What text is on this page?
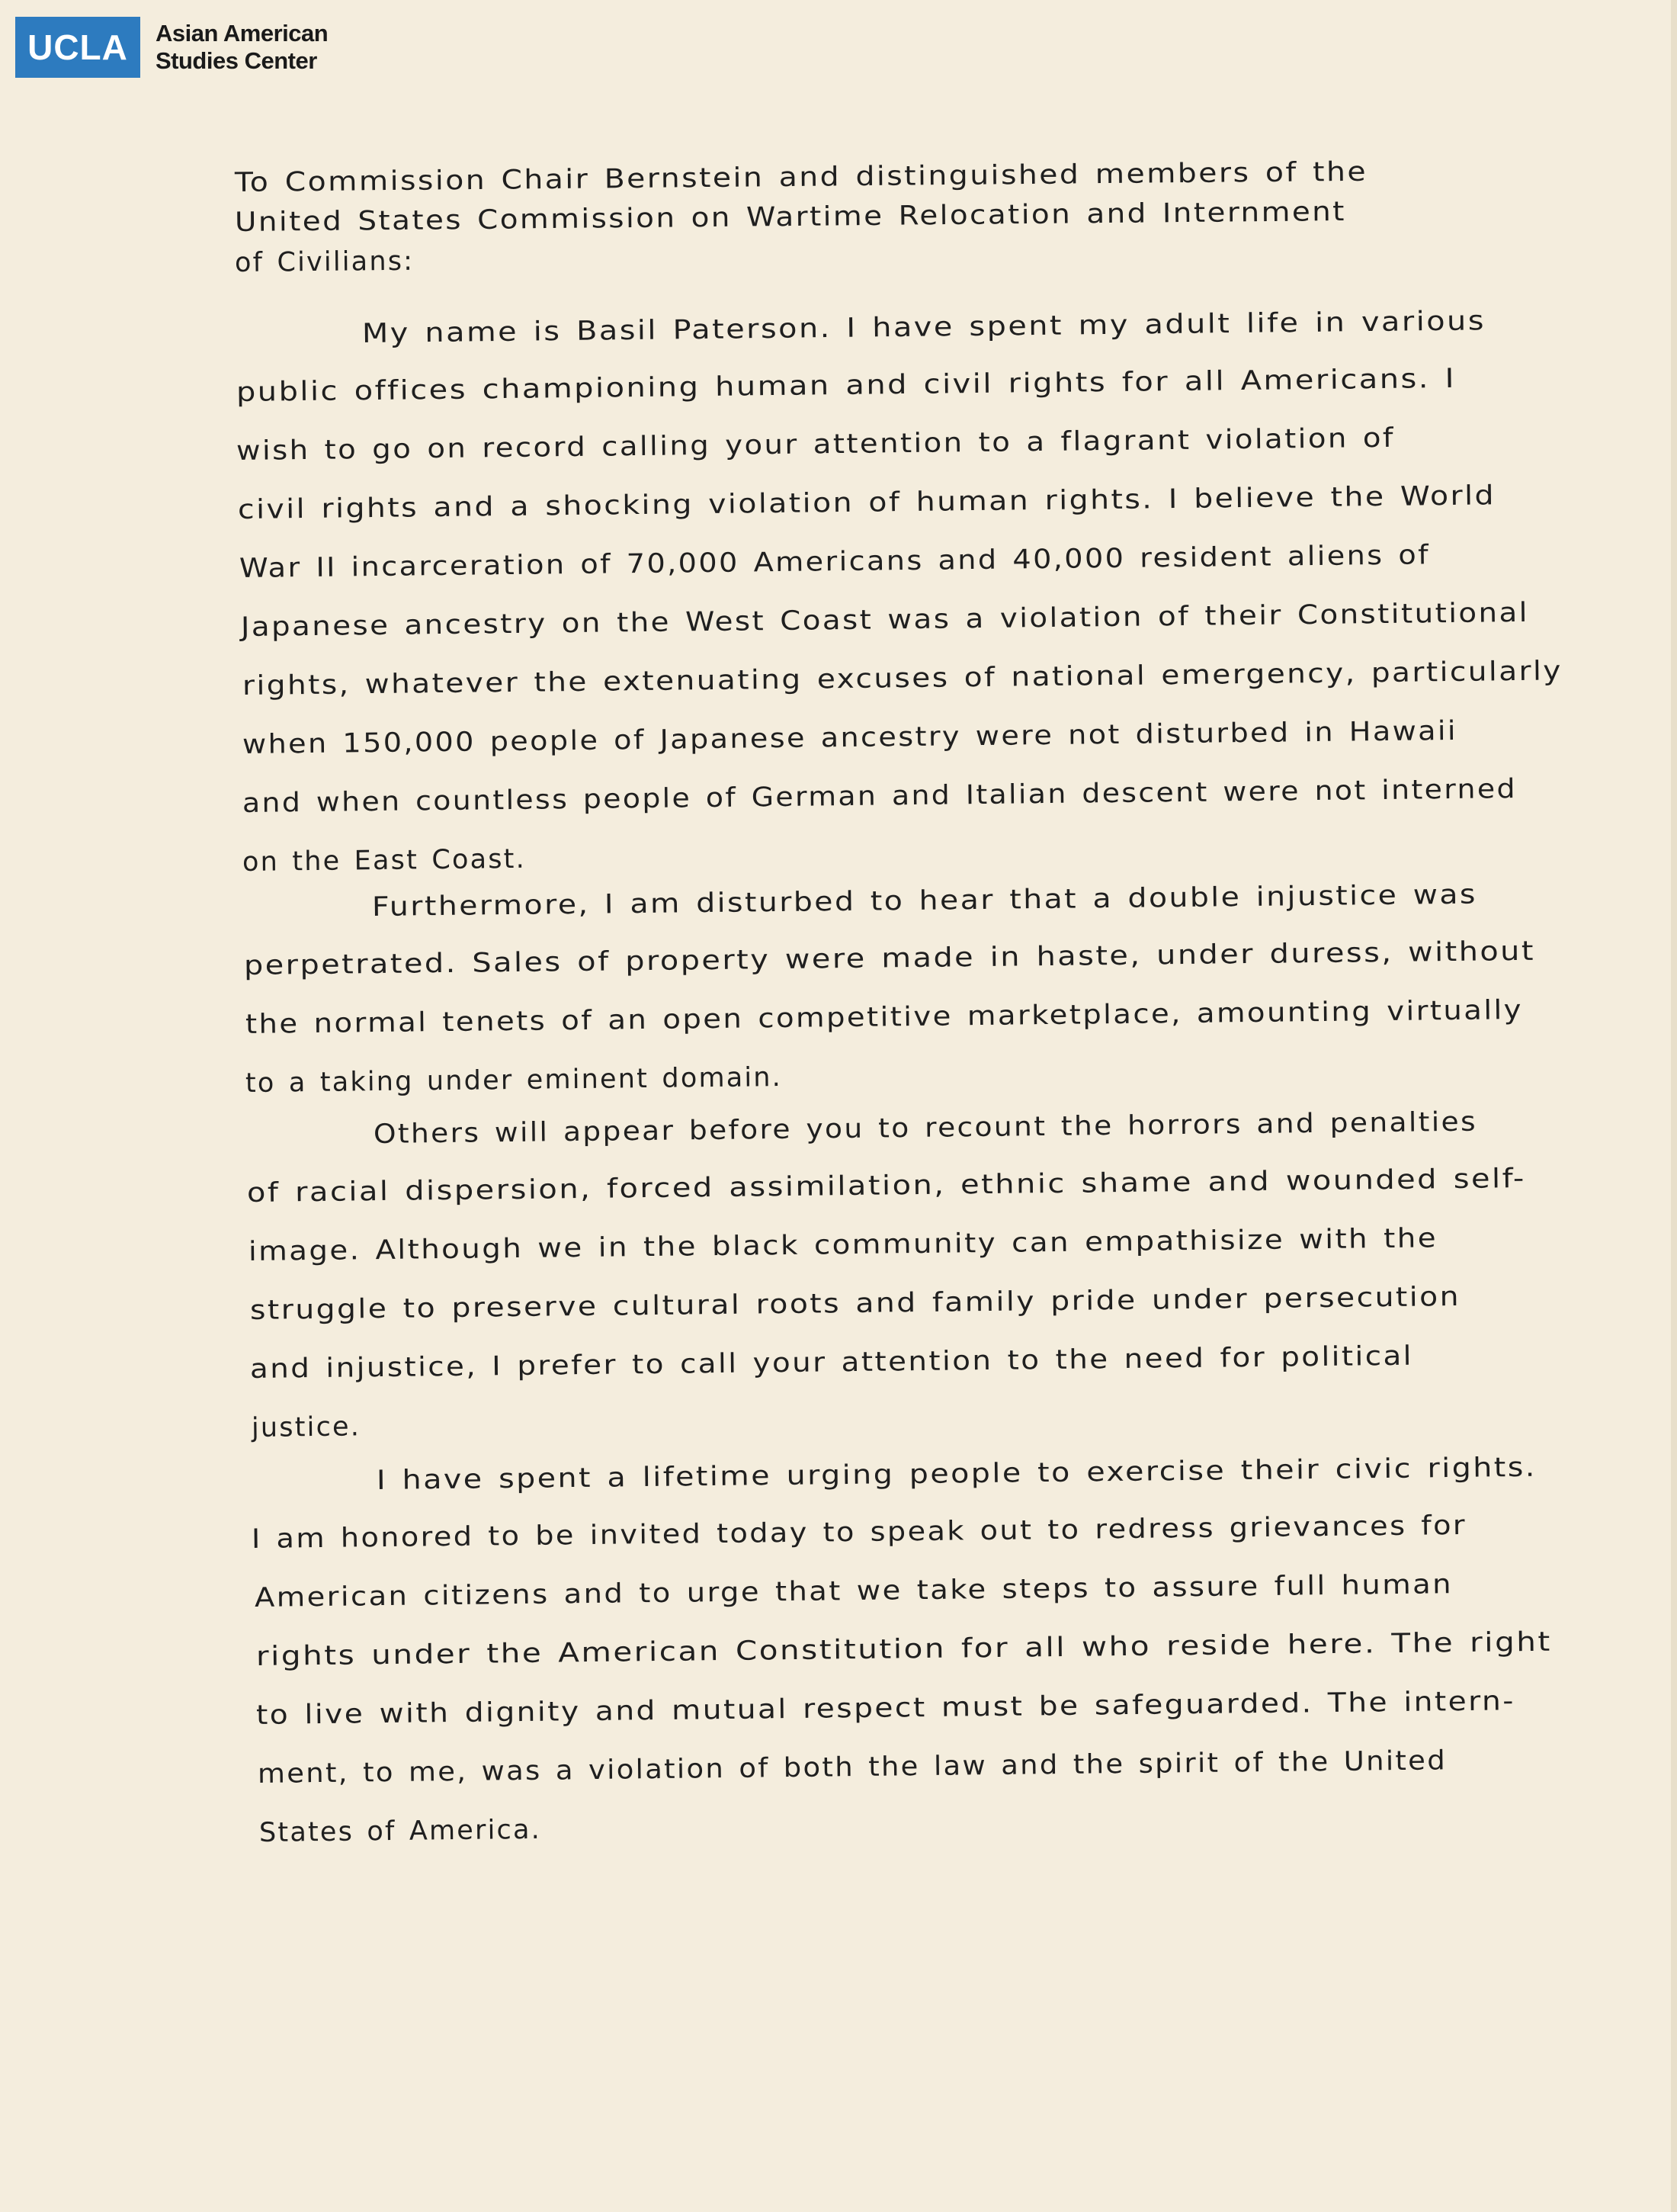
UCLA Asian American
Studies Center
To Commission Chair Bernstein and distinguished members of the
United States Commission on Wartime Relocation and Internment
of Civilians:
My name is Basil Paterson. I have spent my adult life in various
public offices championing human and civil rights for all Americans. I
wish to go on record calling your attention to a flagrant violation of
civil rights and a shocking violation of human rights. I believe the World
War II incarceration of 70,000 Americans and 40,000 resident aliens of
Japanese ancestry on the West Coast was a violation of their Constitutional
rights, whatever the extenuating excuses of national emergency, particularly
when 150,000 people of Japanese ancestry were not disturbed in Hawaii
and when countless people of German and Italian descent were not interned
on the East Coast.
Furthermore, I am disturbed to hear that a double injustice was
perpetrated. Sales of property were made in haste, under duress, without
the normal tenets of an open competitive marketplace, amounting virtually
to a taking under eminent domain.
Others will appear before you to recount the horrors and penalties
of racial dispersion, forced assimilation, ethnic shame and wounded self-
image. Although we in the black community can empathisize with the
struggle to preserve cultural roots and family pride under persecution
and injustice, I prefer to call your attention to the need for political
justice.
I have spent a lifetime urging people to exercise their civic rights.
I am honored to be invited today to speak out to redress grievances for
American citizens and to urge that we take steps to assure full human
rights under the American Constitution for all who reside here. The right
to live with dignity and mutual respect must be safeguarded. The intern-
ment, to me, was a violation of both the law and the spirit of the United
States of America.
